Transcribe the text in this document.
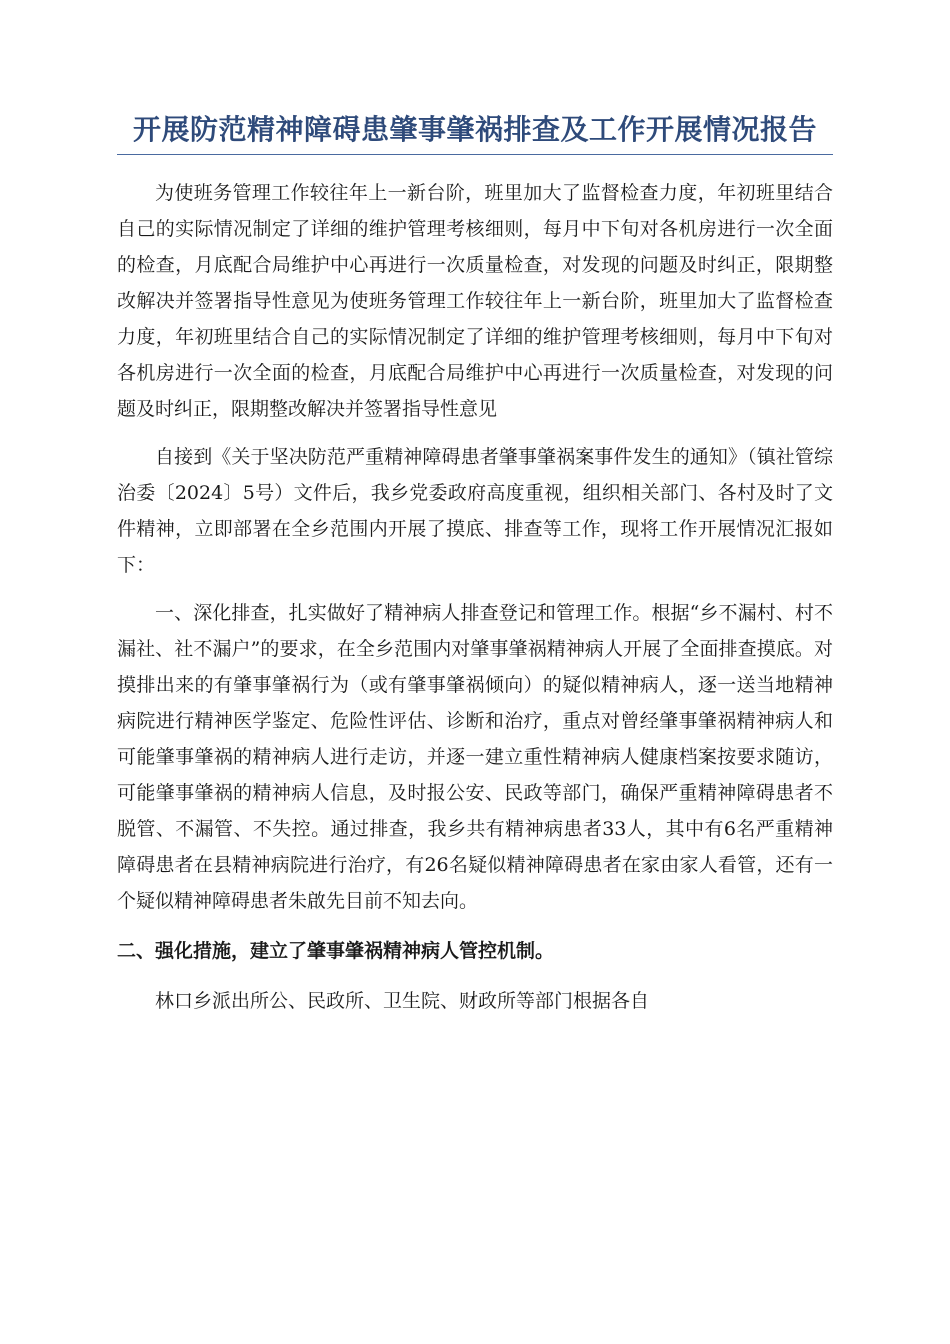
开展防范精神障碍患肇事肇祸排查及工作开展情况报告

为使班务管理工作较往年上一新台阶，班里加大了监督检查力度，年初班里结合自己的实际情况制定了详细的维护管理考核细则，每月中下旬对各机房进行一次全面的检查，月底配合局维护中心再进行一次质量检查，对发现的问题及时纠正，限期整改解决并签署指导性意见为使班务管理工作较往年上一新台阶，班里加大了监督检查力度，年初班里结合自己的实际情况制定了详细的维护管理考核细则，每月中下旬对各机房进行一次全面的检查，月底配合局维护中心再进行一次质量检查，对发现的问题及时纠正，限期整改解决并签署指导性意见

自接到《关于坚决防范严重精神障碍患者肇事肇祸案事件发生的通知》（镇社管综治委〔2024〕5号）文件后，我乡党委政府高度重视，组织相关部门、各村及时了文件精神，立即部署在全乡范围内开展了摸底、排查等工作，现将工作开展情况汇报如下：

一、深化排查，扎实做好了精神病人排查登记和管理工作。根据“乡不漏村、村不漏社、社不漏户”的要求，在全乡范围内对肇事肇祸精神病人开展了全面排查摸底。对摸排出来的有肇事肇祸行为（或有肇事肇祸倾向）的疑似精神病人，逐一送当地精神病院进行精神医学鉴定、危险性评估、诊断和治疗，重点对曾经肇事肇祸精神病人和可能肇事肇祸的精神病人进行走访，并逐一建立重性精神病人健康档案按要求随访，可能肇事肇祸的精神病人信息，及时报公安、民政等部门，确保严重精神障碍患者不脱管、不漏管、不失控。通过排查，我乡共有精神病患者33人，其中有6名严重精神障碍患者在县精神病院进行治疗，有26名疑似精神障碍患者在家由家人看管，还有一个疑似精神障碍患者朱啟先目前不知去向。

二、强化措施，建立了肇事肇祸精神病人管控机制。

林口乡派出所公、民政所、卫生院、财政所等部门根据各自
